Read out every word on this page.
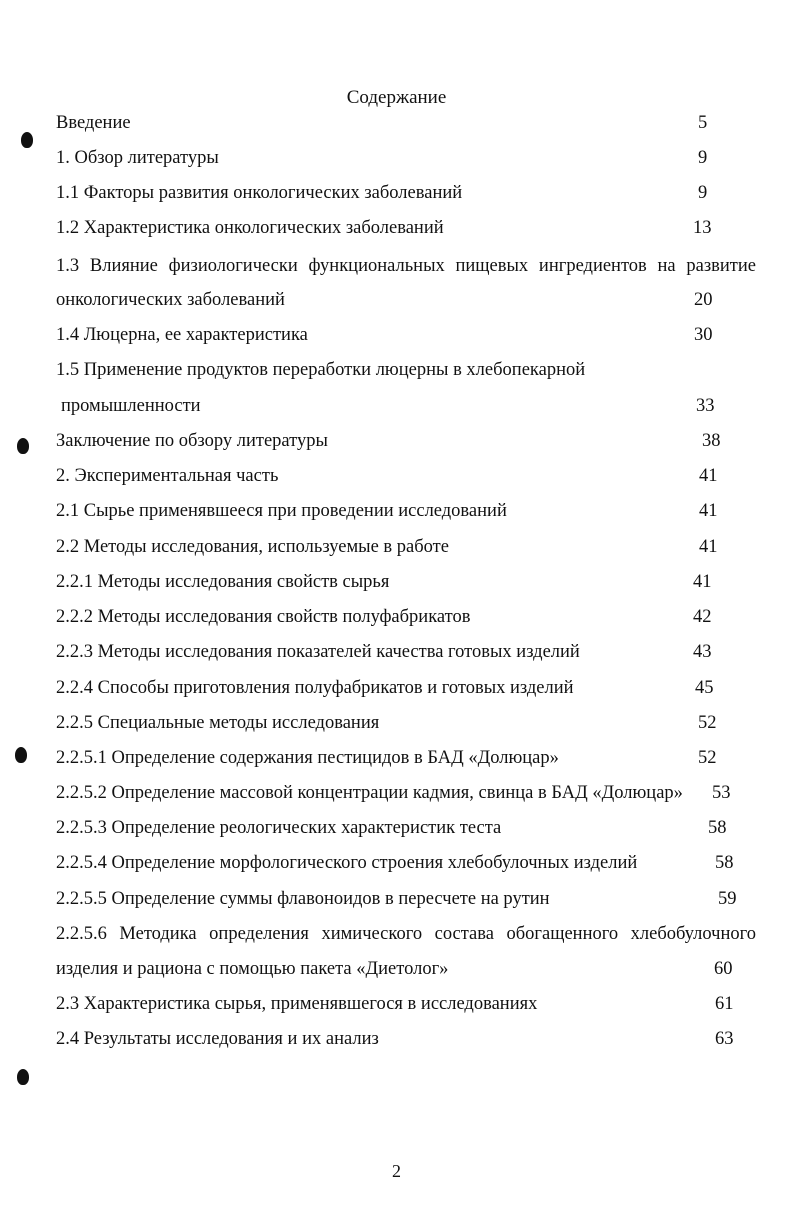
Содержание
Введение	5
1. Обзор литературы	9
1.1 Факторы развития онкологических заболеваний	9
1.2 Характеристика онкологических заболеваний	13
1.3 Влияние физиологически функциональных пищевых ингредиентов на развитие
онкологических заболеваний	20
1.4 Люцерна, ее характеристика	30
1.5 Применение продуктов переработки люцерны в хлебопекарной
промышленности	33
Заключение по обзору литературы	38
2. Экспериментальная часть	41
2.1 Сырье применявшееся при проведении исследований	41
2.2 Методы исследования, используемые в работе	41
2.2.1 Методы исследования свойств сырья	41
2.2.2 Методы исследования свойств полуфабрикатов	42
2.2.3 Методы исследования показателей качества готовых изделий	43
2.2.4 Способы приготовления полуфабрикатов и готовых изделий	45
2.2.5 Специальные методы исследования	52
2.2.5.1 Определение содержания пестицидов в БАД «Долюцар»	52
2.2.5.2 Определение массовой концентрации кадмия, свинца в БАД «Долюцар» 53
2.2.5.3 Определение реологических характеристик теста	58
2.2.5.4 Определение морфологического строения хлебобулочных изделий	58
2.2.5.5 Определение суммы флавоноидов в пересчете на рутин	59
2.2.5.6 Методика определения химического состава обогащенного хлебобулочного
изделия и рациона с помощью пакета «Диетолог»	60
2.3 Характеристика сырья, применявшегося в исследованиях	61
2.4 Результаты исследования и их анализ	63
2
